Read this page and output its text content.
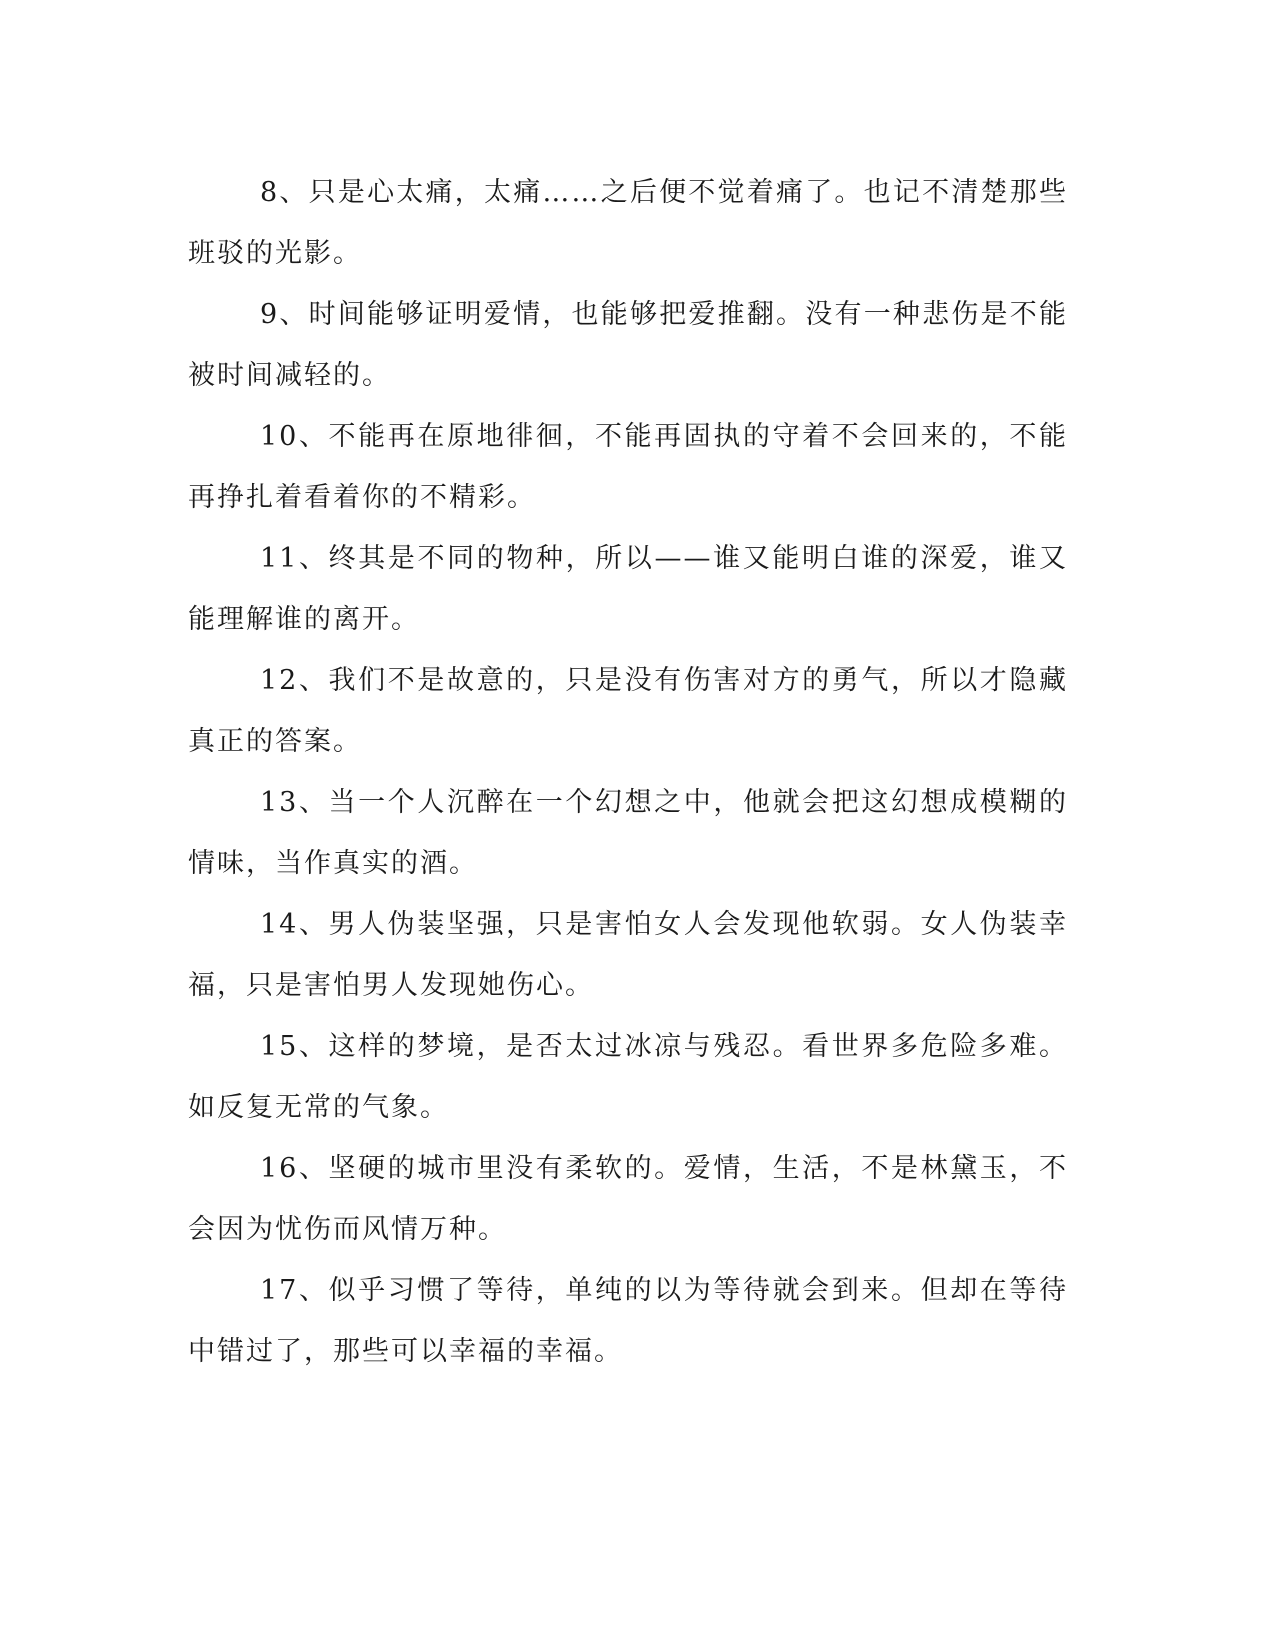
8、只是心太痛，太痛……之后便不觉着痛了。也记不清楚那些班驳的光影。

9、时间能够证明爱情，也能够把爱推翻。没有一种悲伤是不能被时间减轻的。

10、不能再在原地徘徊，不能再固执的守着不会回来的，不能再挣扎着看着你的不精彩。

11、终其是不同的物种，所以——谁又能明白谁的深爱，谁又能理解谁的离开。

12、我们不是故意的，只是没有伤害对方的勇气，所以才隐藏真正的答案。

13、当一个人沉醉在一个幻想之中，他就会把这幻想成模糊的情味，当作真实的酒。

14、男人伪装坚强，只是害怕女人会发现他软弱。女人伪装幸福，只是害怕男人发现她伤心。

15、这样的梦境，是否太过冰凉与残忍。看世界多危险多难。如反复无常的气象。

16、坚硬的城市里没有柔软的。爱情，生活，不是林黛玉，不会因为忧伤而风情万种。

17、似乎习惯了等待，单纯的以为等待就会到来。但却在等待中错过了，那些可以幸福的幸福。
